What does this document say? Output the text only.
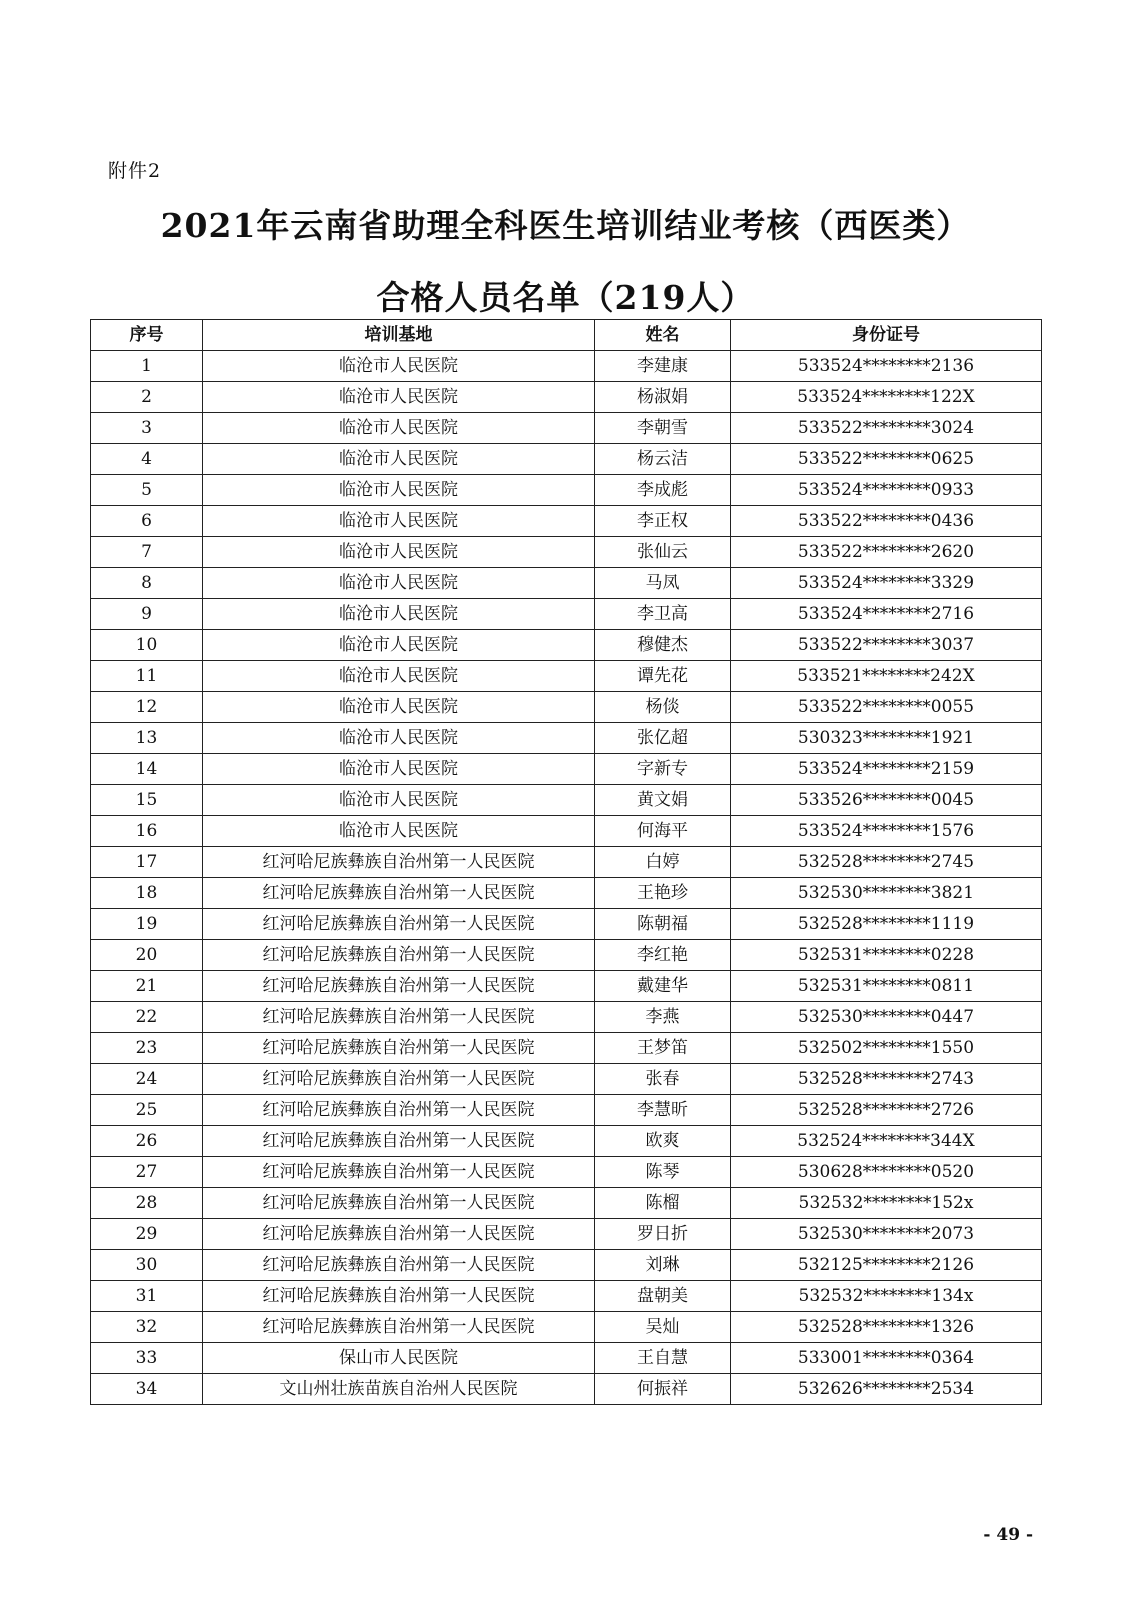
附件2
2021年云南省助理全科医生培训结业考核（西医类）
合格人员名单（219人）
序号	培训基地	姓名	身份证号
1	临沧市人民医院	李建康	533524********2136
2	临沧市人民医院	杨淑娟	533524********122X
3	临沧市人民医院	李朝雪	533522********3024
4	临沧市人民医院	杨云洁	533522********0625
5	临沧市人民医院	李成彪	533524********0933
6	临沧市人民医院	李正权	533522********0436
7	临沧市人民医院	张仙云	533522********2620
8	临沧市人民医院	马凤	533524********3329
9	临沧市人民医院	李卫高	533524********2716
10	临沧市人民医院	穆健杰	533522********3037
11	临沧市人民医院	谭先花	533521********242X
12	临沧市人民医院	杨倓	533522********0055
13	临沧市人民医院	张亿超	530323********1921
14	临沧市人民医院	字新专	533524********2159
15	临沧市人民医院	黄文娟	533526********0045
16	临沧市人民医院	何海平	533524********1576
17	红河哈尼族彝族自治州第一人民医院	白婷	532528********2745
18	红河哈尼族彝族自治州第一人民医院	王艳珍	532530********3821
19	红河哈尼族彝族自治州第一人民医院	陈朝福	532528********1119
20	红河哈尼族彝族自治州第一人民医院	李红艳	532531********0228
21	红河哈尼族彝族自治州第一人民医院	戴建华	532531********0811
22	红河哈尼族彝族自治州第一人民医院	李燕	532530********0447
23	红河哈尼族彝族自治州第一人民医院	王梦笛	532502********1550
24	红河哈尼族彝族自治州第一人民医院	张春	532528********2743
25	红河哈尼族彝族自治州第一人民医院	李慧昕	532528********2726
26	红河哈尼族彝族自治州第一人民医院	欧爽	532524********344X
27	红河哈尼族彝族自治州第一人民医院	陈琴	530628********0520
28	红河哈尼族彝族自治州第一人民医院	陈榴	532532********152x
29	红河哈尼族彝族自治州第一人民医院	罗日折	532530********2073
30	红河哈尼族彝族自治州第一人民医院	刘琳	532125********2126
31	红河哈尼族彝族自治州第一人民医院	盘朝美	532532********134x
32	红河哈尼族彝族自治州第一人民医院	吴灿	532528********1326
33	保山市人民医院	王自慧	533001********0364
34	文山州壮族苗族自治州人民医院	何振祥	532626********2534
- 49 -
